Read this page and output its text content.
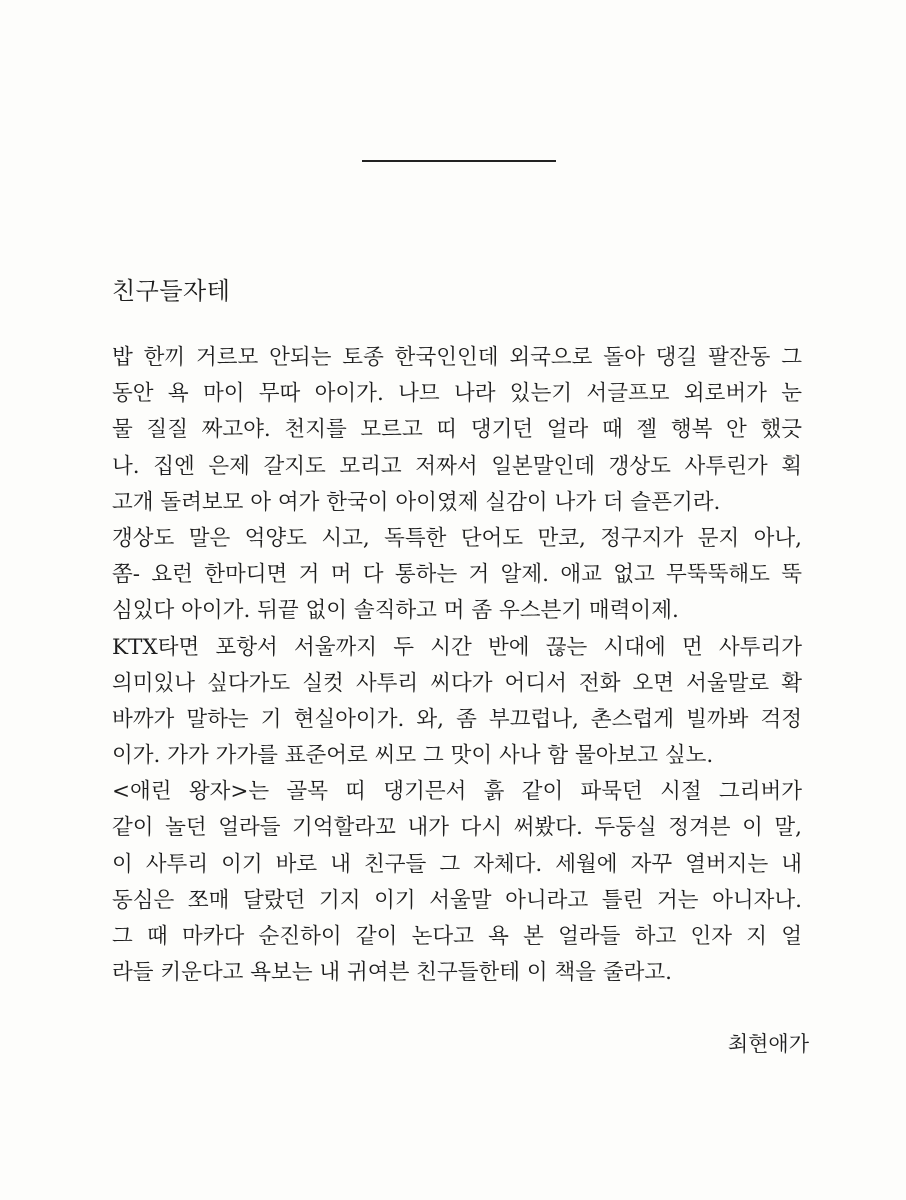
친구들자테
밥 한끼 거르모 안되는 토종 한국인인데 외국으로 돌아 댕길 팔잔동 그
동안 욕 마이 무따 아이가. 나므 나라 있는기 서글프모 외로버가 눈
물 질질 짜고야. 천지를 모르고 띠 댕기던 얼라 때 젤 행복 안 했긋
나. 집엔 은제 갈지도 모리고 저짜서 일본말인데 갱상도 사투린가 획
고개 돌려보모 아 여가 한국이 아이였제 실감이 나가 더 슬픈기라.
갱상도 말은 억양도 시고, 독특한 단어도 만코, 정구지가 문지 아나,
쫌- 요런 한마디면 거 머 다 통하는 거 알제. 애교 없고 무뚝뚝해도 뚝
심있다 아이가. 뒤끝 없이 솔직하고 머 좀 우스븐기 매력이제.
KTX타면 포항서 서울까지 두 시간 반에 끊는 시대에 먼 사투리가
의미있나 싶다가도 실컷 사투리 씨다가 어디서 전화 오면 서울말로 확
바까가 말하는 기 현실아이가. 와, 좀 부끄럽나, 촌스럽게 빌까봐 걱정
이가. 가가 가가를 표준어로 씨모 그 맛이 사나 함 물아보고 싶노.
<애린 왕자>는 골목 띠 댕기믄서 흙 같이 파묵던 시절 그리버가
같이 놀던 얼라들 기억할라꼬 내가 다시 써봤다. 두둥실 정겨븐 이 말,
이 사투리 이기 바로 내 친구들 그 자체다. 세월에 자꾸 열버지는 내
동심은 쪼매 달랐던 기지 이기 서울말 아니라고 틀린 거는 아니자나.
그 때 마카다 순진하이 같이 논다고 욕 본 얼라들 하고 인자 지 얼
라들 키운다고 욕보는 내 귀여븐 친구들한테 이 책을 줄라고.
최현애가
